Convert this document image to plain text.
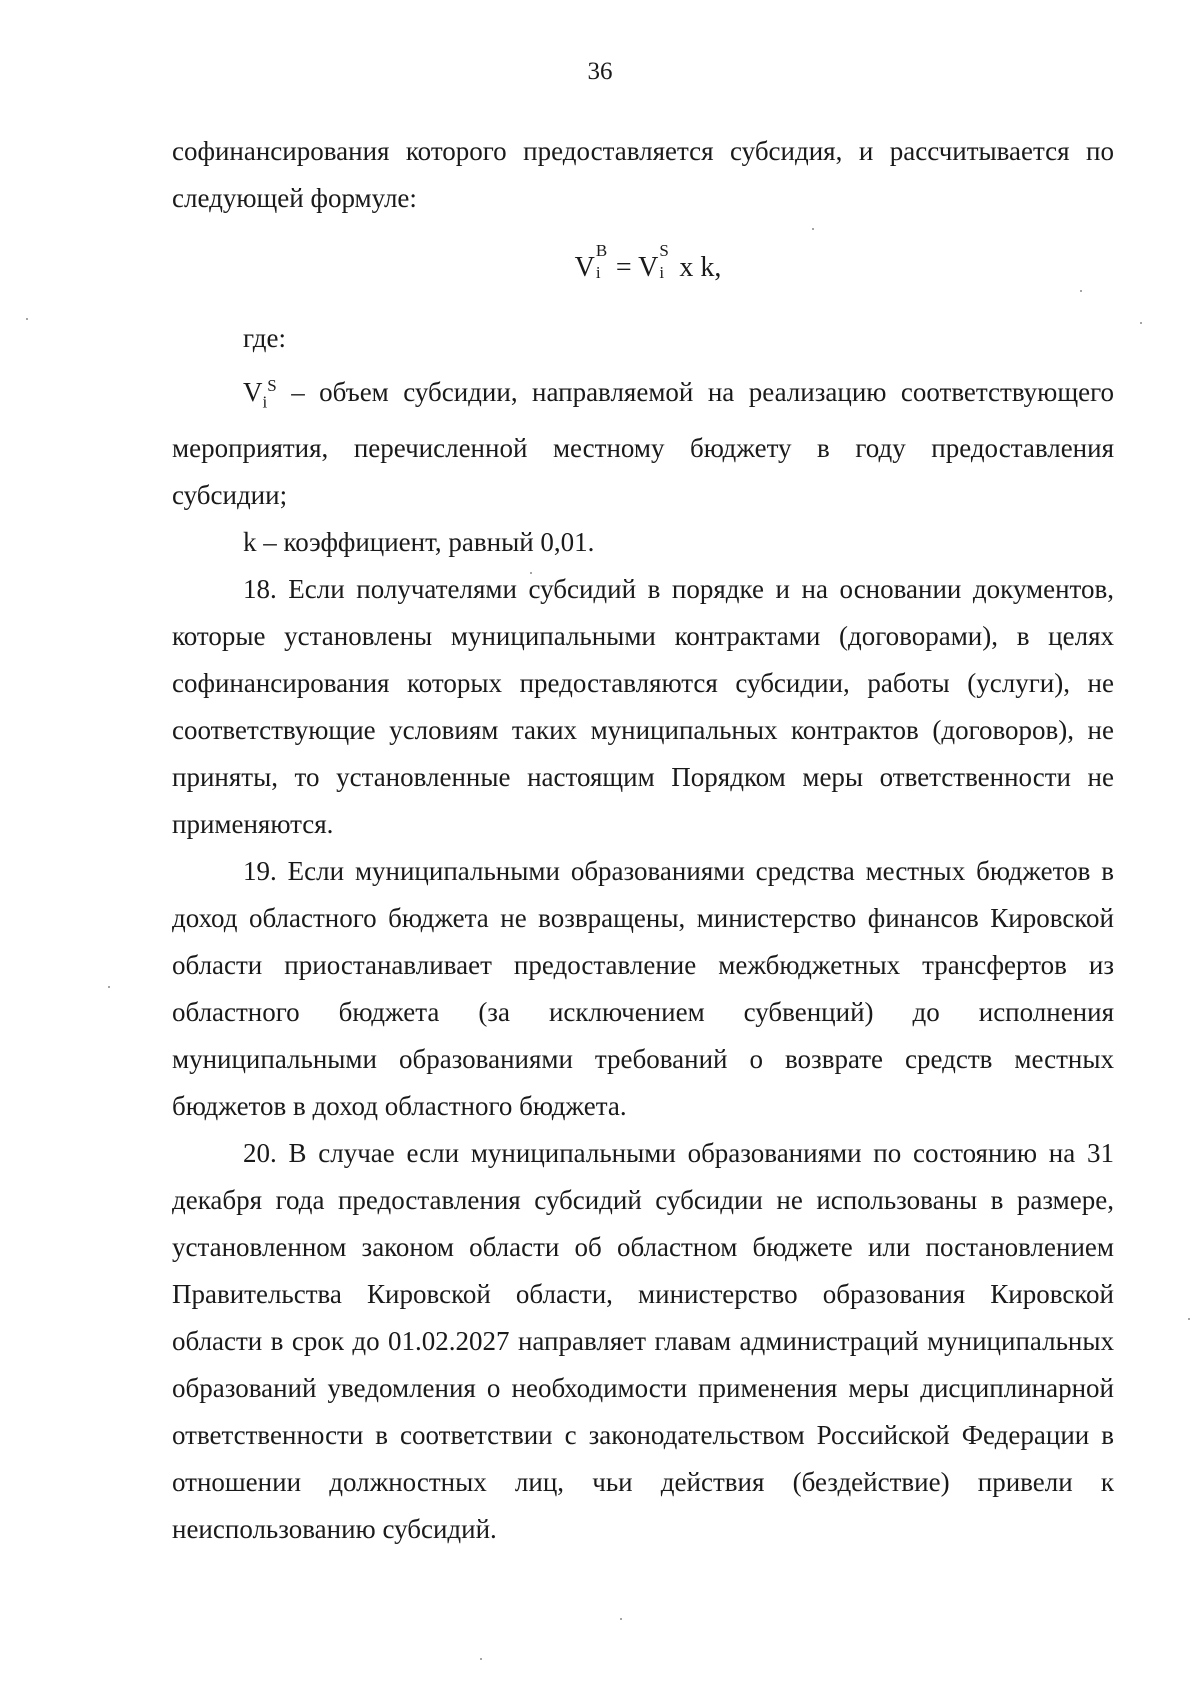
36

софинансирования которого предоставляется субсидия, и рассчитывается по следующей формуле:

V
B
i = V
S
i x k,

где:

$V_i^S$ – объем субсидии, направляемой на реализацию соответствующего мероприятия, перечисленной местному бюджету в году предоставления субсидии;

k – коэффициент, равный 0,01.

18. Если получателями субсидий в порядке и на основании документов, которые установлены муниципальными контрактами (договорами), в целях софинансирования которых предоставляются субсидии, работы (услуги), не соответствующие условиям таких муниципальных контрактов (договоров), не приняты, то установленные настоящим Порядком меры ответственности не применяются.

19. Если муниципальными образованиями средства местных бюджетов в доход областного бюджета не возвращены, министерство финансов Кировской области приостанавливает предоставление межбюджетных трансфертов из областного бюджета (за исключением субвенций) до исполнения муниципальными образованиями требований о возврате средств местных бюджетов в доход областного бюджета.

20. В случае если муниципальными образованиями по состоянию на 31 декабря года предоставления субсидий субсидии не использованы в размере, установленном законом области об областном бюджете или постановлением Правительства Кировской области, министерство образования Кировской области в срок до 01.02.2027 направляет главам администраций муниципальных образований уведомления о необходимости применения меры дисциплинарной ответственности в соответствии с законодательством Российской Федерации в отношении должностных лиц, чьи действия (бездействие) привели к неиспользованию субсидий.
